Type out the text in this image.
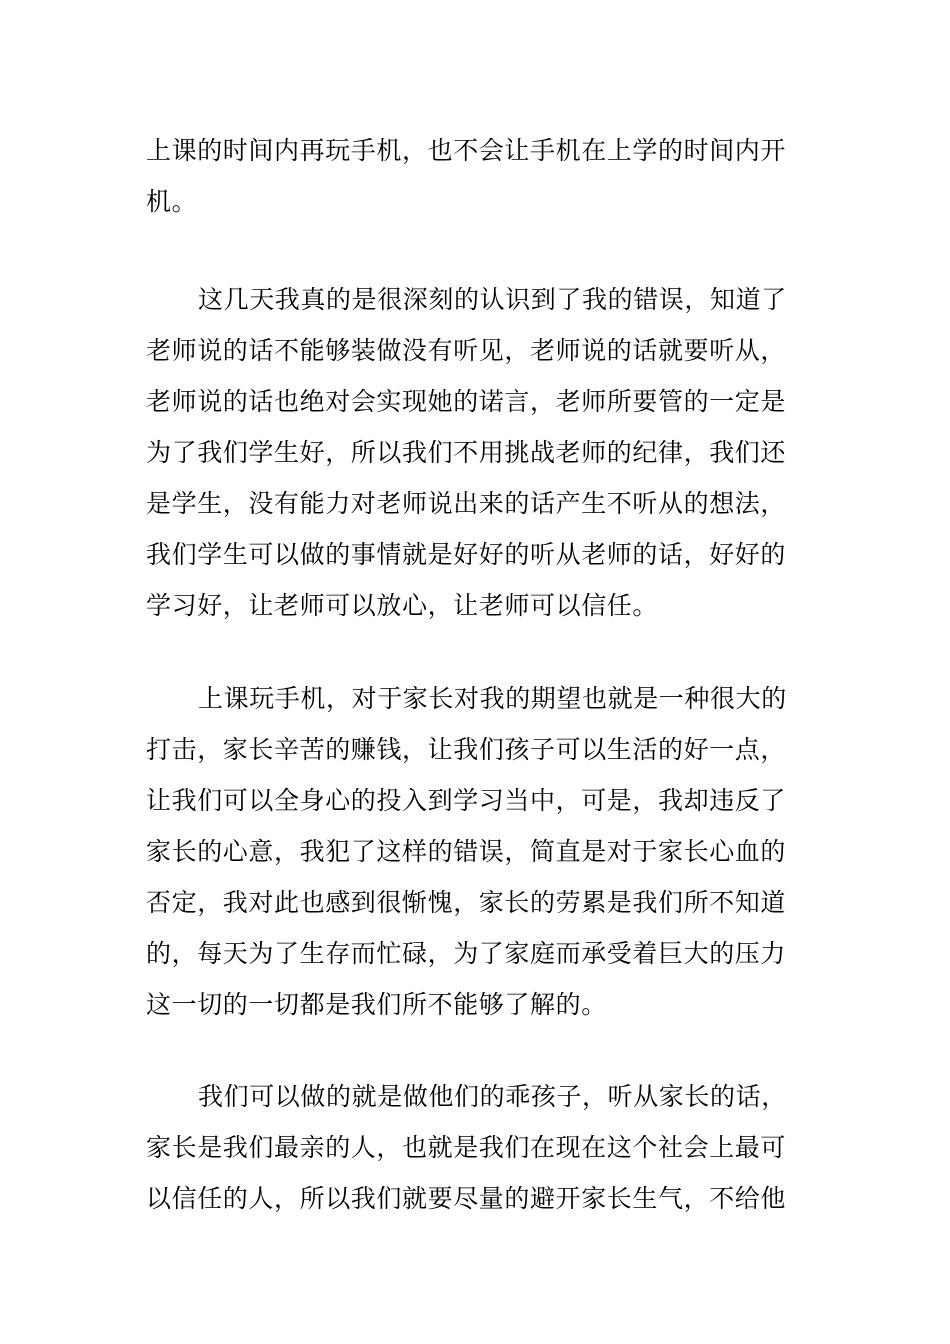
上课的时间内再玩手机，也不会让手机在上学的时间内开
机。
这几天我真的是很深刻的认识到了我的错误，知道了
老师说的话不能够装做没有听见，老师说的话就要听从，
老师说的话也绝对会实现她的诺言，老师所要管的一定是
为了我们学生好，所以我们不用挑战老师的纪律，我们还
是学生，没有能力对老师说出来的话产生不听从的想法，
我们学生可以做的事情就是好好的听从老师的话，好好的
学习好，让老师可以放心，让老师可以信任。
上课玩手机，对于家长对我的期望也就是一种很大的
打击，家长辛苦的赚钱，让我们孩子可以生活的好一点，
让我们可以全身心的投入到学习当中，可是，我却违反了
家长的心意，我犯了这样的错误，简直是对于家长心血的
否定，我对此也感到很惭愧，家长的劳累是我们所不知道
的，每天为了生存而忙碌，为了家庭而承受着巨大的压力
这一切的一切都是我们所不能够了解的。
我们可以做的就是做他们的乖孩子，听从家长的话，
家长是我们最亲的人，也就是我们在现在这个社会上最可
以信任的人，所以我们就要尽量的避开家长生气，不给他
